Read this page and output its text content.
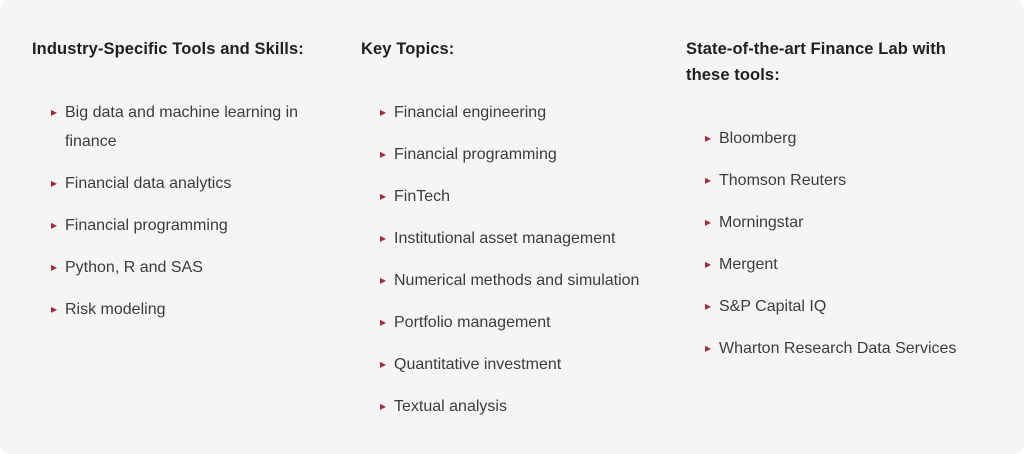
Industry-Specific Tools and Skills:
▸ Big data and machine learning in finance
▸ Financial data analytics
▸ Financial programming
▸ Python, R and SAS
▸ Risk modeling
Key Topics:
▸ Financial engineering
▸ Financial programming
▸ FinTech
▸ Institutional asset management
▸ Numerical methods and simulation
▸ Portfolio management
▸ Quantitative investment
▸ Textual analysis
State-of-the-art Finance Lab with these tools:
▸ Bloomberg
▸ Thomson Reuters
▸ Morningstar
▸ Mergent
▸ S&P Capital IQ
▸ Wharton Research Data Services
